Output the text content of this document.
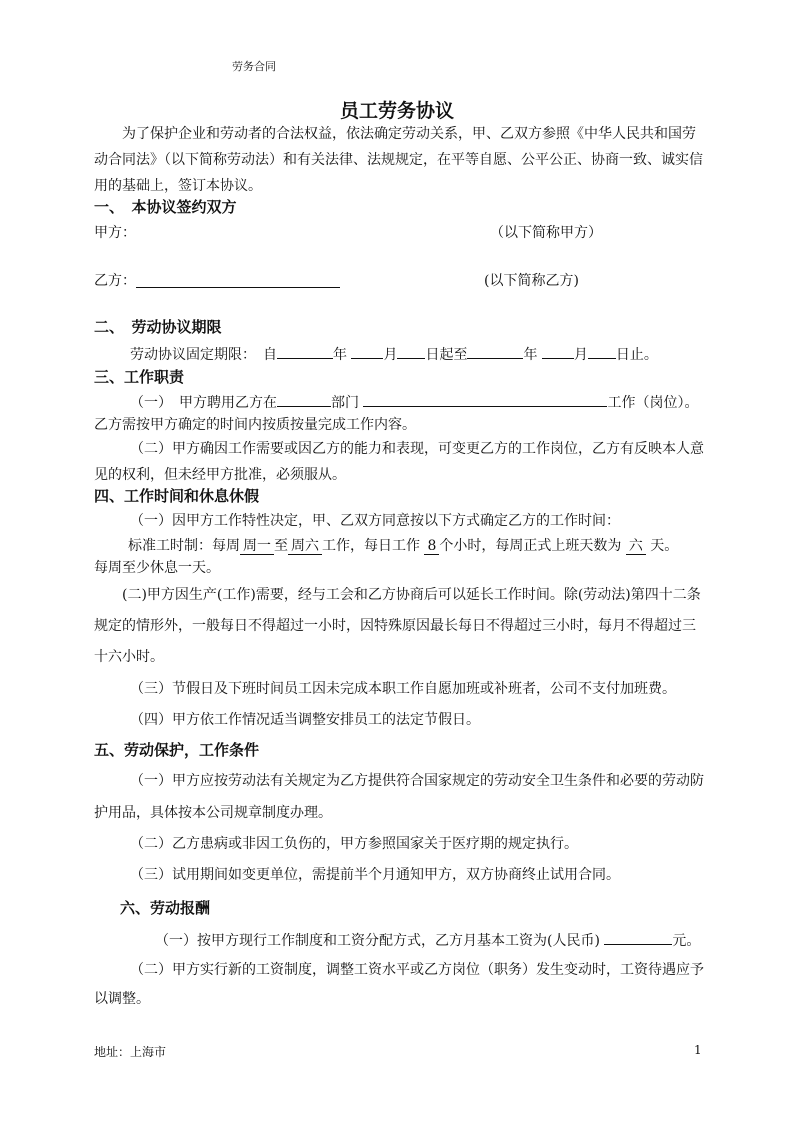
劳务合同
员工劳务协议
为了保护企业和劳动者的合法权益，依法确定劳动关系，甲、乙双方参照《中华人民共和国劳动合同法》（以下简称劳动法）和有关法律、法规规定，在平等自愿、公平公正、协商一致、诚实信用的基础上，签订本协议。
一、　本协议签约双方
甲方：	（以下简称甲方）
乙方：	(以下简称乙方)
二、　劳动协议期限
劳动协议固定期限：　自	年	月 日起至	年	月 日止。
三、工作职责
（一）　甲方聘用乙方在	部门	工作（岗位）。
乙方需按甲方确定的时间内按质按量完成工作内容。
（二）甲方确因工作需要或因乙方的能力和表现，可变更乙方的工作岗位，乙方有反映本人意见的权利，但未经甲方批准，必须服从。
四、工作时间和休息休假
（一）因甲方工作特性决定，甲、乙双方同意按以下方式确定乙方的工作时间：
标准工时制：每周 周一 至 周六 工作，每日工作 8 个小时，每周正式上班天数为 六 天。
每周至少休息一天。
(二)甲方因生产(工作)需要，经与工会和乙方协商后可以延长工作时间。除(劳动法)第四十二条规定的情形外，一般每日不得超过一小时，因特殊原因最长每日不得超过三小时，每月不得超过三十六小时。
（三）节假日及下班时间员工因未完成本职工作自愿加班或补班者，公司不支付加班费。
（四）甲方依工作情况适当调整安排员工的法定节假日。
五、劳动保护，工作条件
（一）甲方应按劳动法有关规定为乙方提供符合国家规定的劳动安全卫生条件和必要的劳动防护用品，具体按本公司规章制度办理。
（二）乙方患病或非因工负伤的，甲方参照国家关于医疗期的规定执行。
（三）试用期间如变更单位，需提前半个月通知甲方，双方协商终止试用合同。
六、劳动报酬
（一）按甲方现行工作制度和工资分配方式，乙方月基本工资为(人民币)	元。
（二）甲方实行新的工资制度，调整工资水平或乙方岗位（职务）发生变动时，工资待遇应予以调整。
地址：上海市	1
